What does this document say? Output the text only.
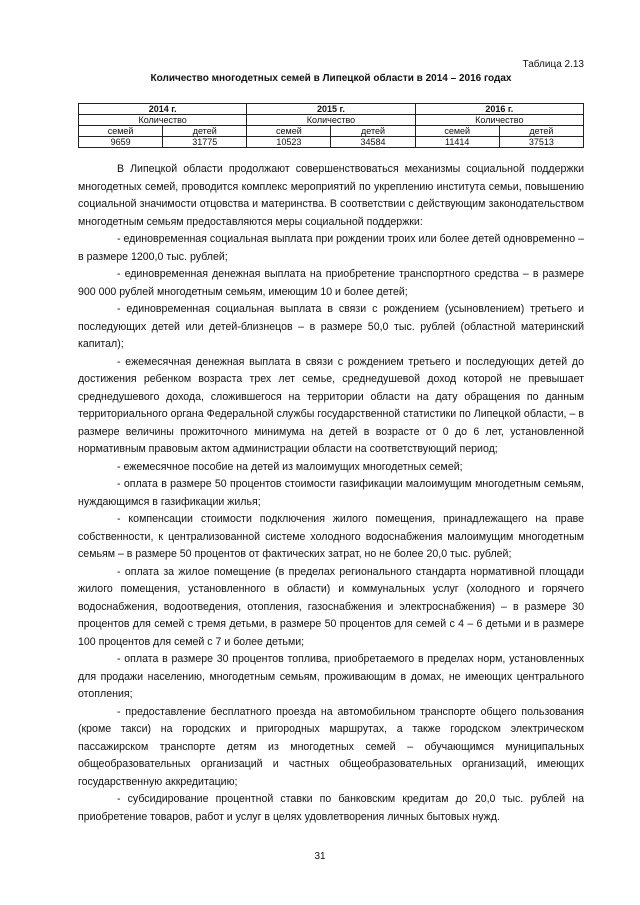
Таблица 2.13
Количество многодетных семей в Липецкой области в 2014 – 2016 годах
2014 г.		2015 г.		2016 г.	
Количество		Количество		Количество	
семей	детей	семей	детей	семей	детей
9659	31775	10523	34584	11414	37513

В Липецкой области продолжают совершенствоваться механизмы социальной поддержки многодетных семей, проводится комплекс мероприятий по укреплению института семьи, повышению социальной значимости отцовства и материнства. В соответствии с действующим законодательством многодетным семьям предоставляются меры социальной поддержки:

- единовременная социальная выплата при рождении троих или более детей одновременно – в размере 1200,0 тыс. рублей;

- единовременная денежная выплата на приобретение транспортного средства – в размере 900 000 рублей многодетным семьям, имеющим 10 и более детей;

- единовременная социальная выплата в связи с рождением (усыновлением) третьего и последующих детей или детей-близнецов – в размере 50,0 тыс. рублей (областной материнский капитал);

- ежемесячная денежная выплата в связи с рождением третьего и последующих детей до достижения ребенком возраста трех лет семье, среднедушевой доход которой не превышает среднедушевого дохода, сложившегося на территории области на дату обращения по данным территориального органа Федеральной службы государственной статистики по Липецкой области, – в размере величины прожиточного минимума на детей в возрасте от 0 до 6 лет, установленной нормативным правовым актом администрации области на соответствующий период;

- ежемесячное пособие на детей из малоимущих многодетных семей;

- оплата в размере 50 процентов стоимости газификации малоимущим многодетным семьям, нуждающимся в газификации жилья;

- компенсации стоимости подключения жилого помещения, принадлежащего на праве собственности, к централизованной системе холодного водоснабжения малоимущим многодетным семьям – в размере 50 процентов от фактических затрат, но не более 20,0 тыс. рублей;

- оплата за жилое помещение (в пределах регионального стандарта нормативной площади жилого помещения, установленного в области) и коммунальных услуг (холодного и горячего водоснабжения, водоотведения, отопления, газоснабжения и электроснабжения) – в размере 30 процентов для семей с тремя детьми, в размере 50 процентов для семей с 4 – 6 детьми и в размере 100 процентов для семей с 7 и более детьми;

- оплата в размере 30 процентов топлива, приобретаемого в пределах норм, установленных для продажи населению, многодетным семьям, проживающим в домах, не имеющих центрального отопления;

- предоставление бесплатного проезда на автомобильном транспорте общего пользования (кроме такси) на городских и пригородных маршрутах, а также городском электрическом пассажирском транспорте детям из многодетных семей – обучающимся муниципальных общеобразовательных организаций и частных общеобразовательных организаций, имеющих государственную аккредитацию;

- субсидирование процентной ставки по банковским кредитам до 20,0 тыс. рублей на приобретение товаров, работ и услуг в целях удовлетворения личных бытовых нужд.

31
